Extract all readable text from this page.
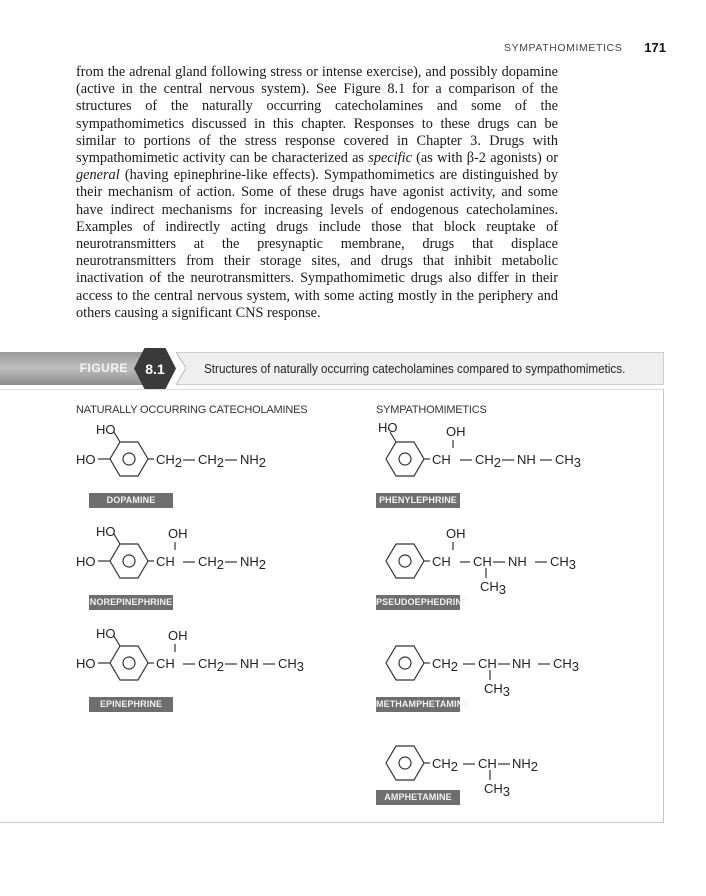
SYMPATHOMIMETICS 171

from the adrenal gland following stress or intense exercise), and possibly dopamine (active in the central nervous system). See Figure 8.1 for a comparison of the structures of the naturally occurring catecholamines and some of the sympathomimetics discussed in this chapter. Responses to these drugs can be similar to portions of the stress response covered in Chapter 3. Drugs with sympathomimetic activity can be characterized as specific (as with β-2 agonists) or general (having epinephrine-like effects). Sympathomimetics are distinguished by their mechanism of action. Some of these drugs have agonist activity, and some have indirect mechanisms for increasing levels of endogenous catecholamines. Examples of indirectly acting drugs include those that block reuptake of neurotransmitters at the presynaptic membrane, drugs that displace neurotransmitters from their storage sites, and drugs that inhibit metabolic inactivation of the neurotransmitters. Sympathomimetic drugs also differ in their access to the central nervous system, with some acting mostly in the periphery and others causing a significant CNS response.

FIGURE	8.1	Structures of naturally occurring catecholamines compared to sympathomimetics.
NATURALLY OCCURRING CATECHOLAMINES	SYMPATHOMIMETICS
HO
HO	CH2 CH2 NH2
DOPAMINE
HO
HO
OH
CH CH2 NH2
NOREPINEPHRINE
HO
HO
OH
CH CH2 NH CH3
EPINEPHRINE
HO	OH
CH CH2 NH CH3
PHENYLEPHRINE
OH
CH CH NH CH3
CH3
PSEUDOEPHEDRINE
CH2 CH NH CH3
CH3
METHAMPHETAMINE
CH2 CH NH2
CH3
AMPHETAMINE
